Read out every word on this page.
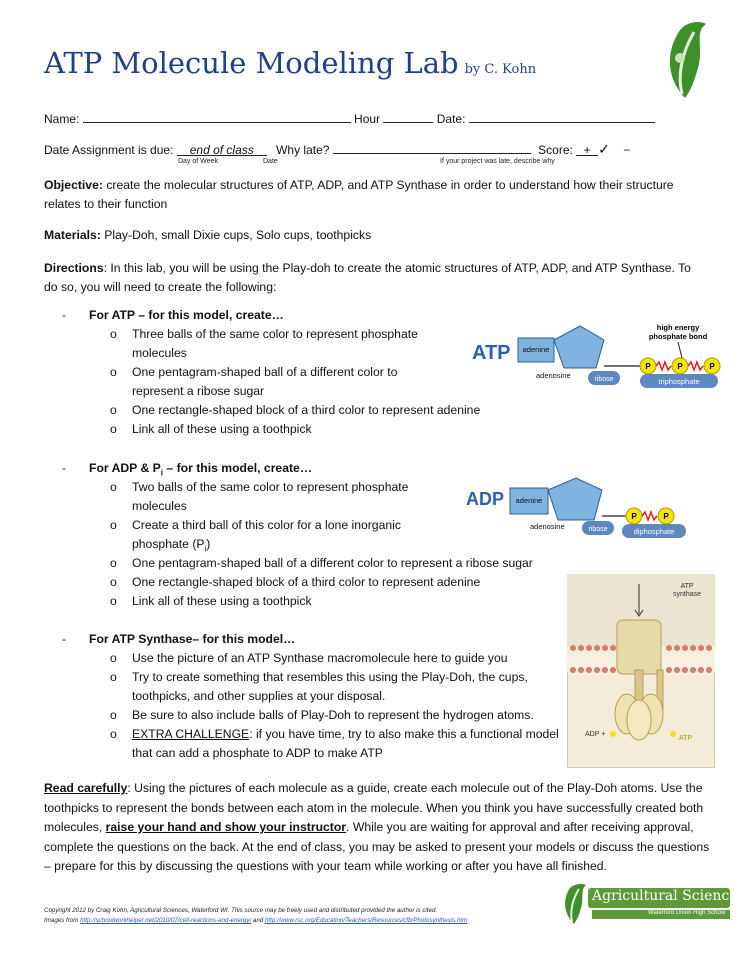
ATP Molecule Modeling Lab by C. Kohn
Name:	Hour	Date:
Date Assignment is due: end of class Why late?	Score: + ✓ −
Day of Week	Date	If your project was late, describe why
Objective: create the molecular structures of ATP, ADP, and ATP Synthase in order to understand how their structure relates to their function
Materials: Play-Doh, small Dixie cups, Solo cups, toothpicks
Directions: In this lab, you will be using the Play-doh to create the atomic structures of ATP, ADP, and ATP Synthase. To do so, you will need to create the following:
- For ATP – for this model, create…
o Three balls of the same color to represent phosphate
molecules
o One pentagram-shaped ball of a different color to
represent a ribose sugar
o One rectangle-shaped block of a third color to represent adenine
o Link all of these using a toothpick
ATP adenine
adenosine	ribose
P	P	P
high energy
phosphate bond
triphosphate
- For ADP & $P_i$ – for this model, create…
o Two balls of the same color to represent phosphate
molecules
o Create a third ball of this color for a lone inorganic
phosphate $(P_i)$
o One pentagram-shaped ball of a different color to represent a ribose sugar
o One rectangle-shaped block of a third color to represent adenine
o Link all of these using a toothpick
ADP adenine
adenosine	ribose
P	P
diphosphate
ATP
synthase
ADP +
ATP
- For ATP Synthase– for this model…
o Use the picture of an ATP Synthase macromolecule here to guide you
o Try to create something that resembles this using the Play-Doh, the cups,
toothpicks, and other supplies at your disposal.
o Be sure to also include balls of Play-Doh to represent the hydrogen atoms.
o EXTRA CHALLENGE: if you have time, try to also make this a functional model
that can add a phosphate to ADP to make ATP
Read carefully: Using the pictures of each molecule as a guide, create each molecule out of the Play-Doh atoms. Use the toothpicks to represent the bonds between each atom in the molecule. When you think you have successfully created both molecules, raise your hand and show your instructor. While you are waiting for approval and after receiving approval, complete the questions on the back. At the end of class, you may be asked to present your models or discuss the questions – prepare for this by discussing the questions with your team while working or after you have all finished.
Copyright 2012 by Craig Kohn, Agricultural Sciences, Waterford WI. This source may be freely used and distributed provided the author is cited.
Images from http://schoolworkhelper.net/2010/07/cell-reactions-and-energy/ and http://www.rsc.org/Education/Teachers/Resources/cfb/Photosynthesis.htm
Agricultural Sciences
Waterford Union High School
